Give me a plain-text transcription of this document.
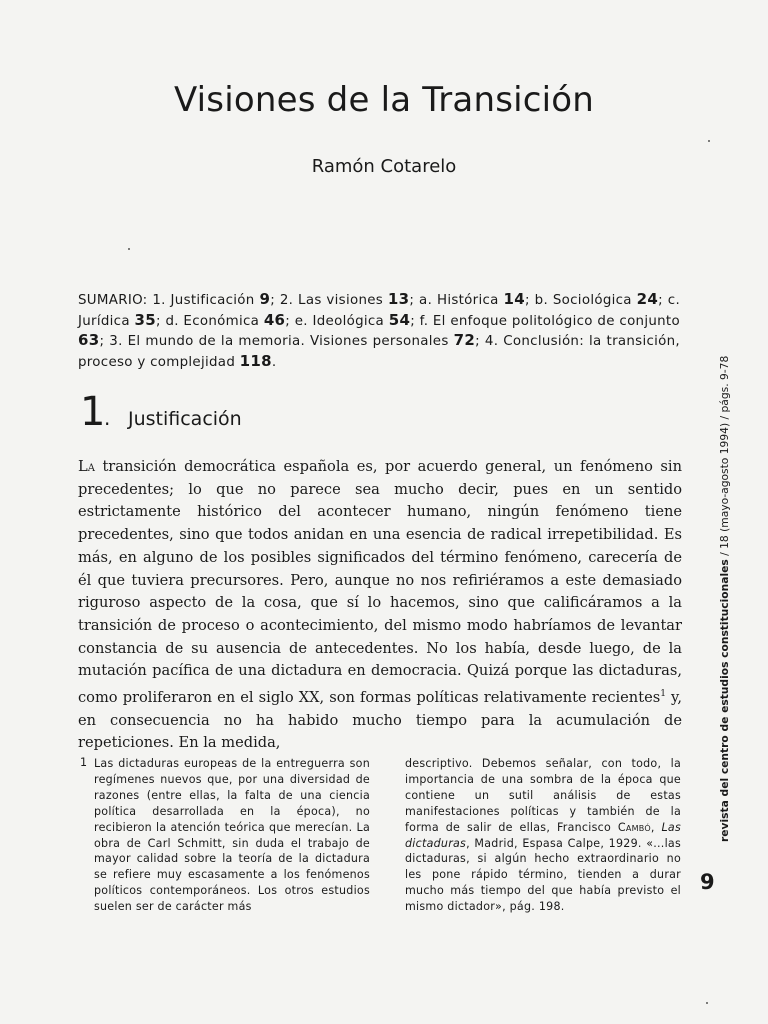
Visiones de la Transición

Ramón Cotarelo

SUMARIO: 1. Justificación 9; 2. Las visiones 13; a. Histórica 14; b. Sociológica 24; c. Jurídica 35; d. Económica 46; e. Ideológica 54; f. El enfoque politológico de conjunto 63; 3. El mundo de la memoria. Visiones personales 72; 4. Conclusión: la transición, proceso y complejidad 118.

1
. Justificación

La transición democrática española es, por acuerdo general, un fenómeno sin precedentes; lo que no parece sea mucho decir, pues en un sentido estrictamente histórico del acontecer humano, ningún fenómeno tiene precedentes, sino que todos anidan en una esencia de radical irrepetibilidad. Es más, en alguno de los posibles significados del término fenómeno, carecería de él que tuviera precursores. Pero, aunque no nos refiriéramos a este demasiado riguroso aspecto de la cosa, que sí lo hacemos, sino que calificáramos a la transición de proceso o acontecimiento, del mismo modo habríamos de levantar constancia de su ausencia de antecedentes. No los había, desde luego, de la mutación pacífica de una dictadura en democracia. Quizá porque las dictaduras, como proliferaron en el siglo XX, son formas políticas relativamente recientes$^1$ y, en consecuencia no ha habido mucho tiempo para la acumulación de repeticiones. En la medida,

1 Las dictaduras europeas de la entreguerra son regímenes nuevos que, por una diversidad de razones (entre ellas, la falta de una ciencia política desarrollada en la época), no recibieron la atención teórica que merecían. La obra de Carl Schmitt, sin duda el trabajo de mayor calidad sobre la teoría de la dictadura se refiere muy escasamente a los fenómenos políticos contemporáneos. Los otros estudios suelen ser de carácter más

descriptivo. Debemos señalar, con todo, la importancia de una sombra de la época que contiene un sutil análisis de estas manifestaciones políticas y también de la forma de salir de ellas, Francisco Cambó, Las dictaduras, Madrid, Espasa Calpe, 1929. «...las dictaduras, si algún hecho extraordinario no les pone rápido término, tienden a durar mucho más tiempo del que había previsto el mismo dictador», pág. 198.

revista del centro de estudios constitucionales / 18 (mayo-agosto 1994) / págs. 9-78
9
